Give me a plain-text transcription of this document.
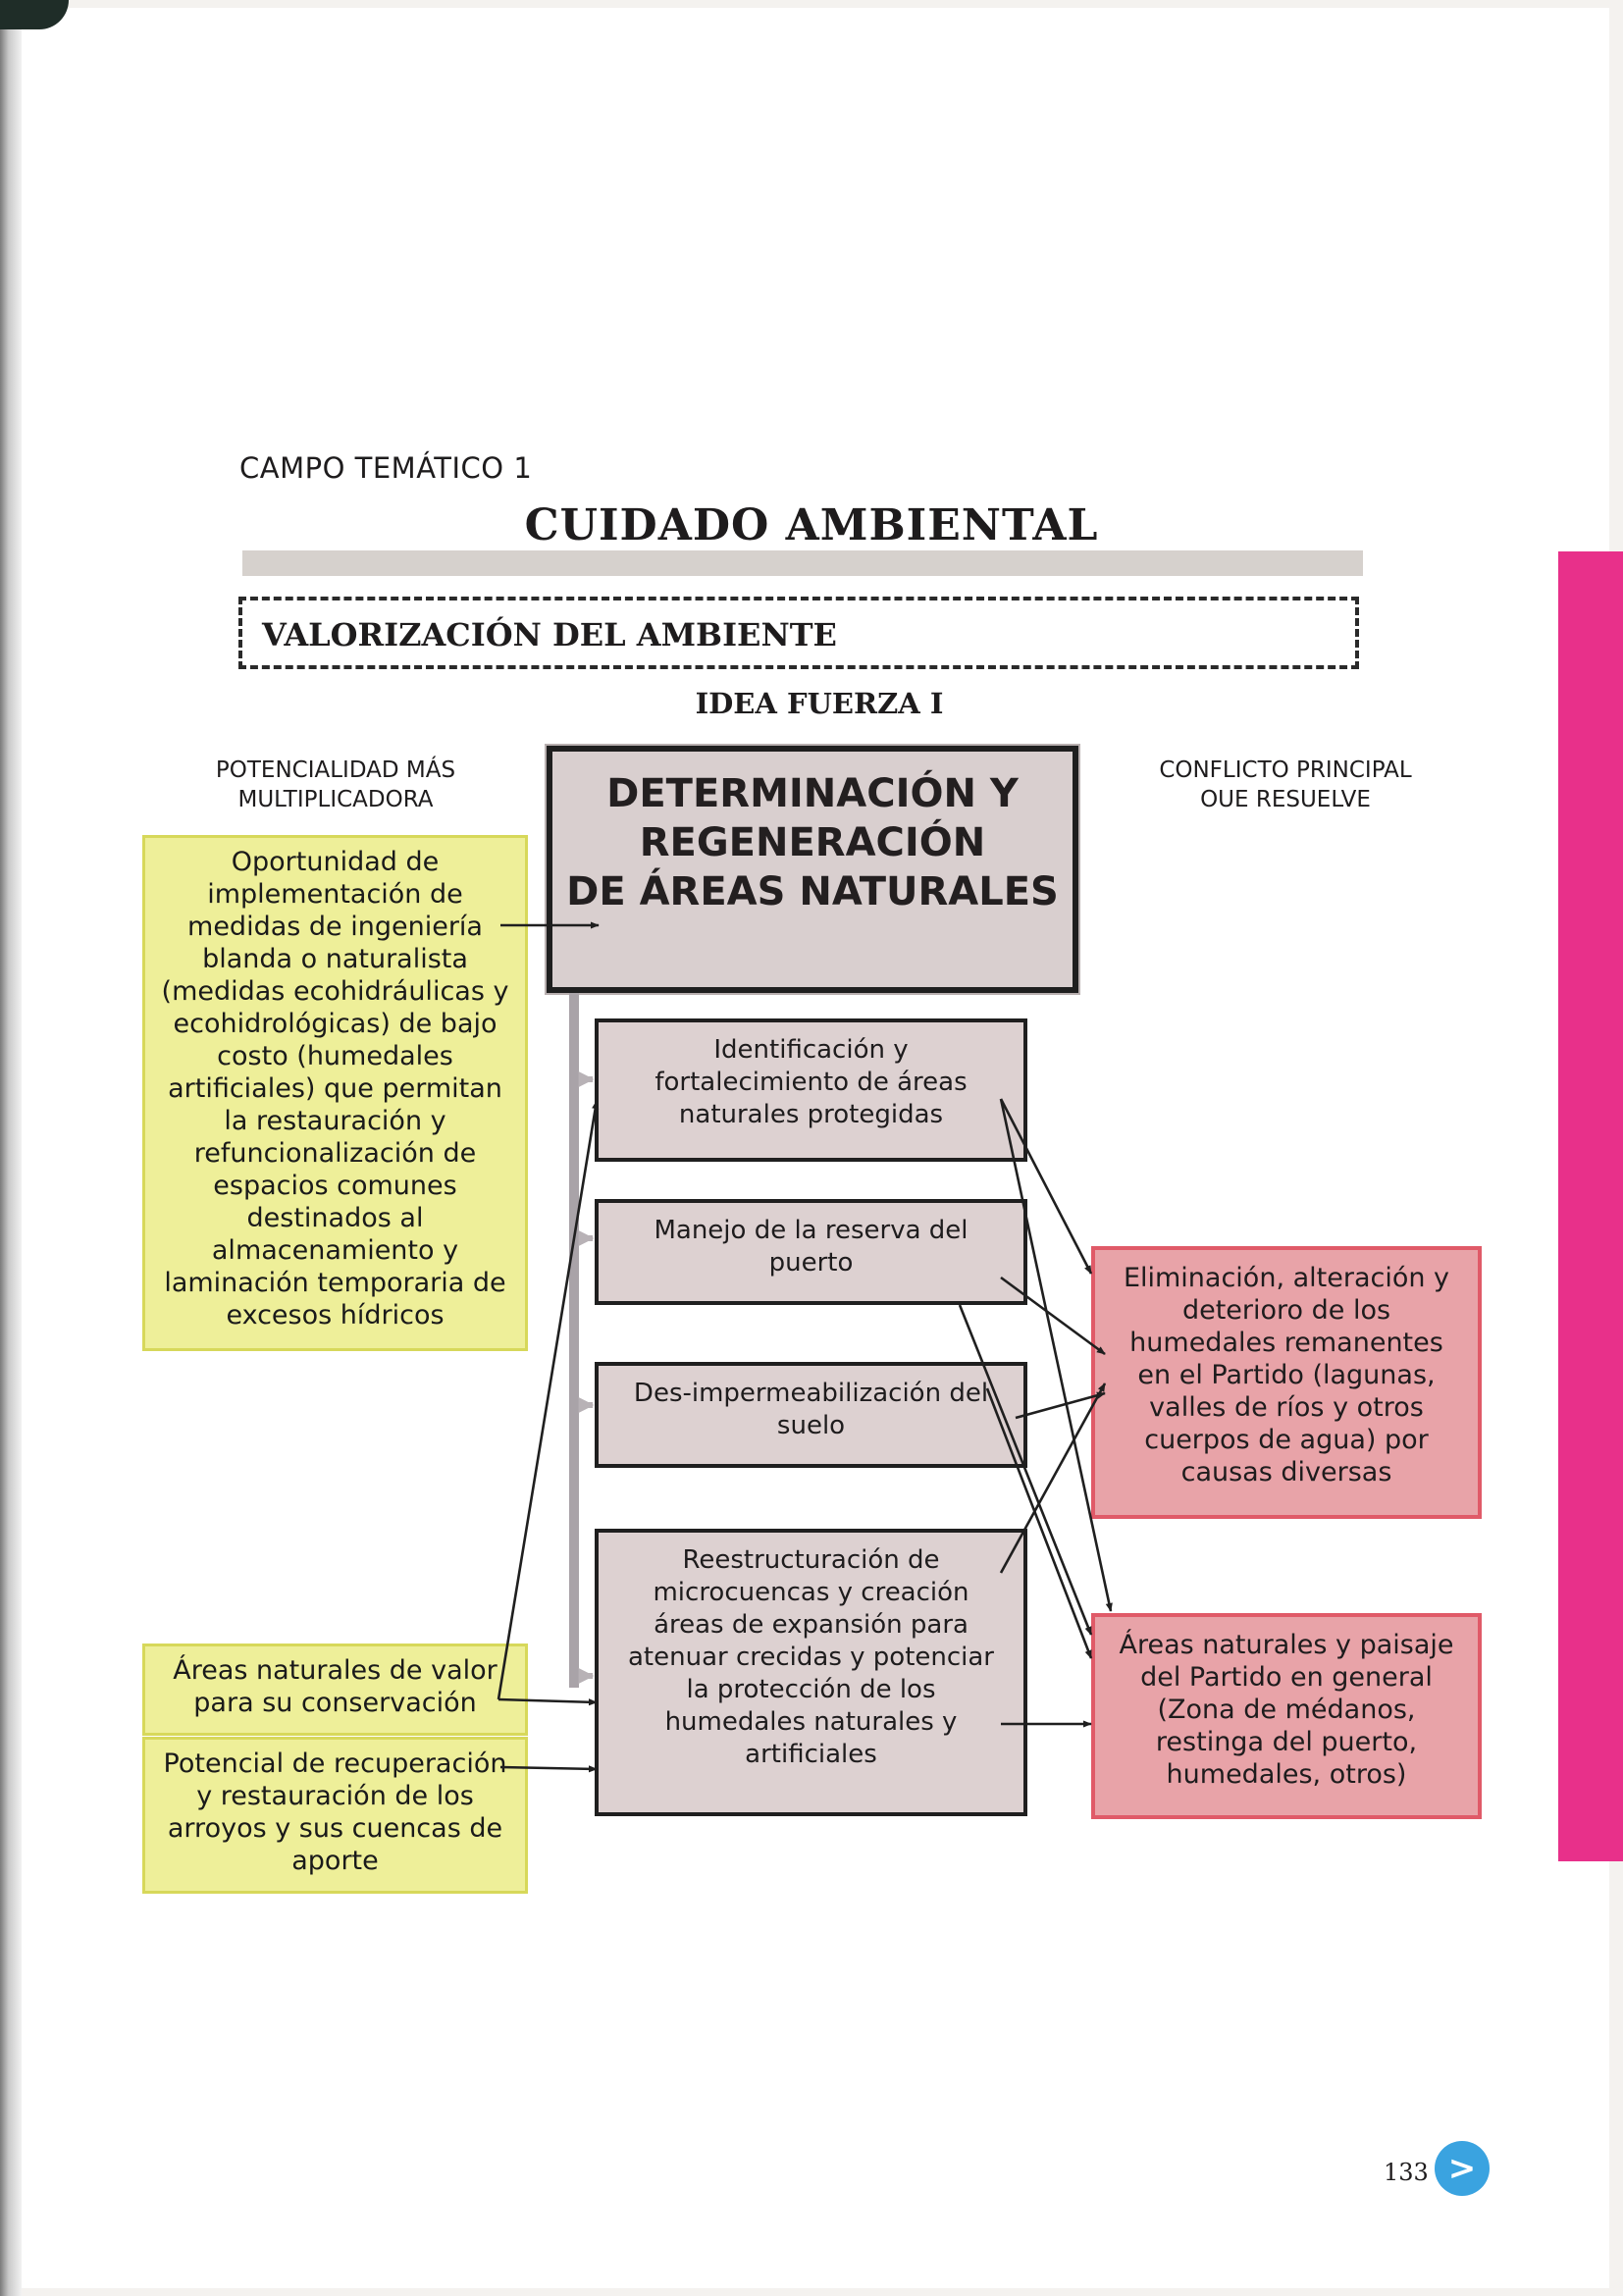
CAMPO TEMÁTICO 1
CUIDADO AMBIENTAL
VALORIZACIÓN DEL AMBIENTE
IDEA FUERZA I
POTENCIALIDAD MÁS
MULTIPLICADORA
CONFLICTO PRINCIPAL
OUE RESUELVE
DETERMINACIÓN Y
REGENERACIÓN
DE ÁREAS NATURALES
Oportunidad de
implementación de
medidas de ingeniería
blanda o naturalista
(medidas ecohidráulicas y
ecohidrológicas) de bajo
costo (humedales
artificiales) que permitan
la restauración y
refuncionalización de
espacios comunes
destinados al
almacenamiento y
laminación temporaria de
excesos hídricos
Áreas naturales de valor
para su conservación
Potencial de recuperación
y restauración de los
arroyos y sus cuencas de
aporte
Identificación y
fortalecimiento de áreas
naturales protegidas
Manejo de la reserva del
puerto
Des-impermeabilización del
suelo
Reestructuración de
microcuencas y creación
áreas de expansión para
atenuar crecidas y potenciar
la protección de los
humedales naturales y
artificiales
Eliminación, alteración y
deterioro de los
humedales remanentes
en el Partido (lagunas,
valles de ríos y otros
cuerpos de agua) por
causas diversas
Áreas naturales y paisaje
del Partido en general
(Zona de médanos,
restinga del puerto,
humedales, otros)
133 >
